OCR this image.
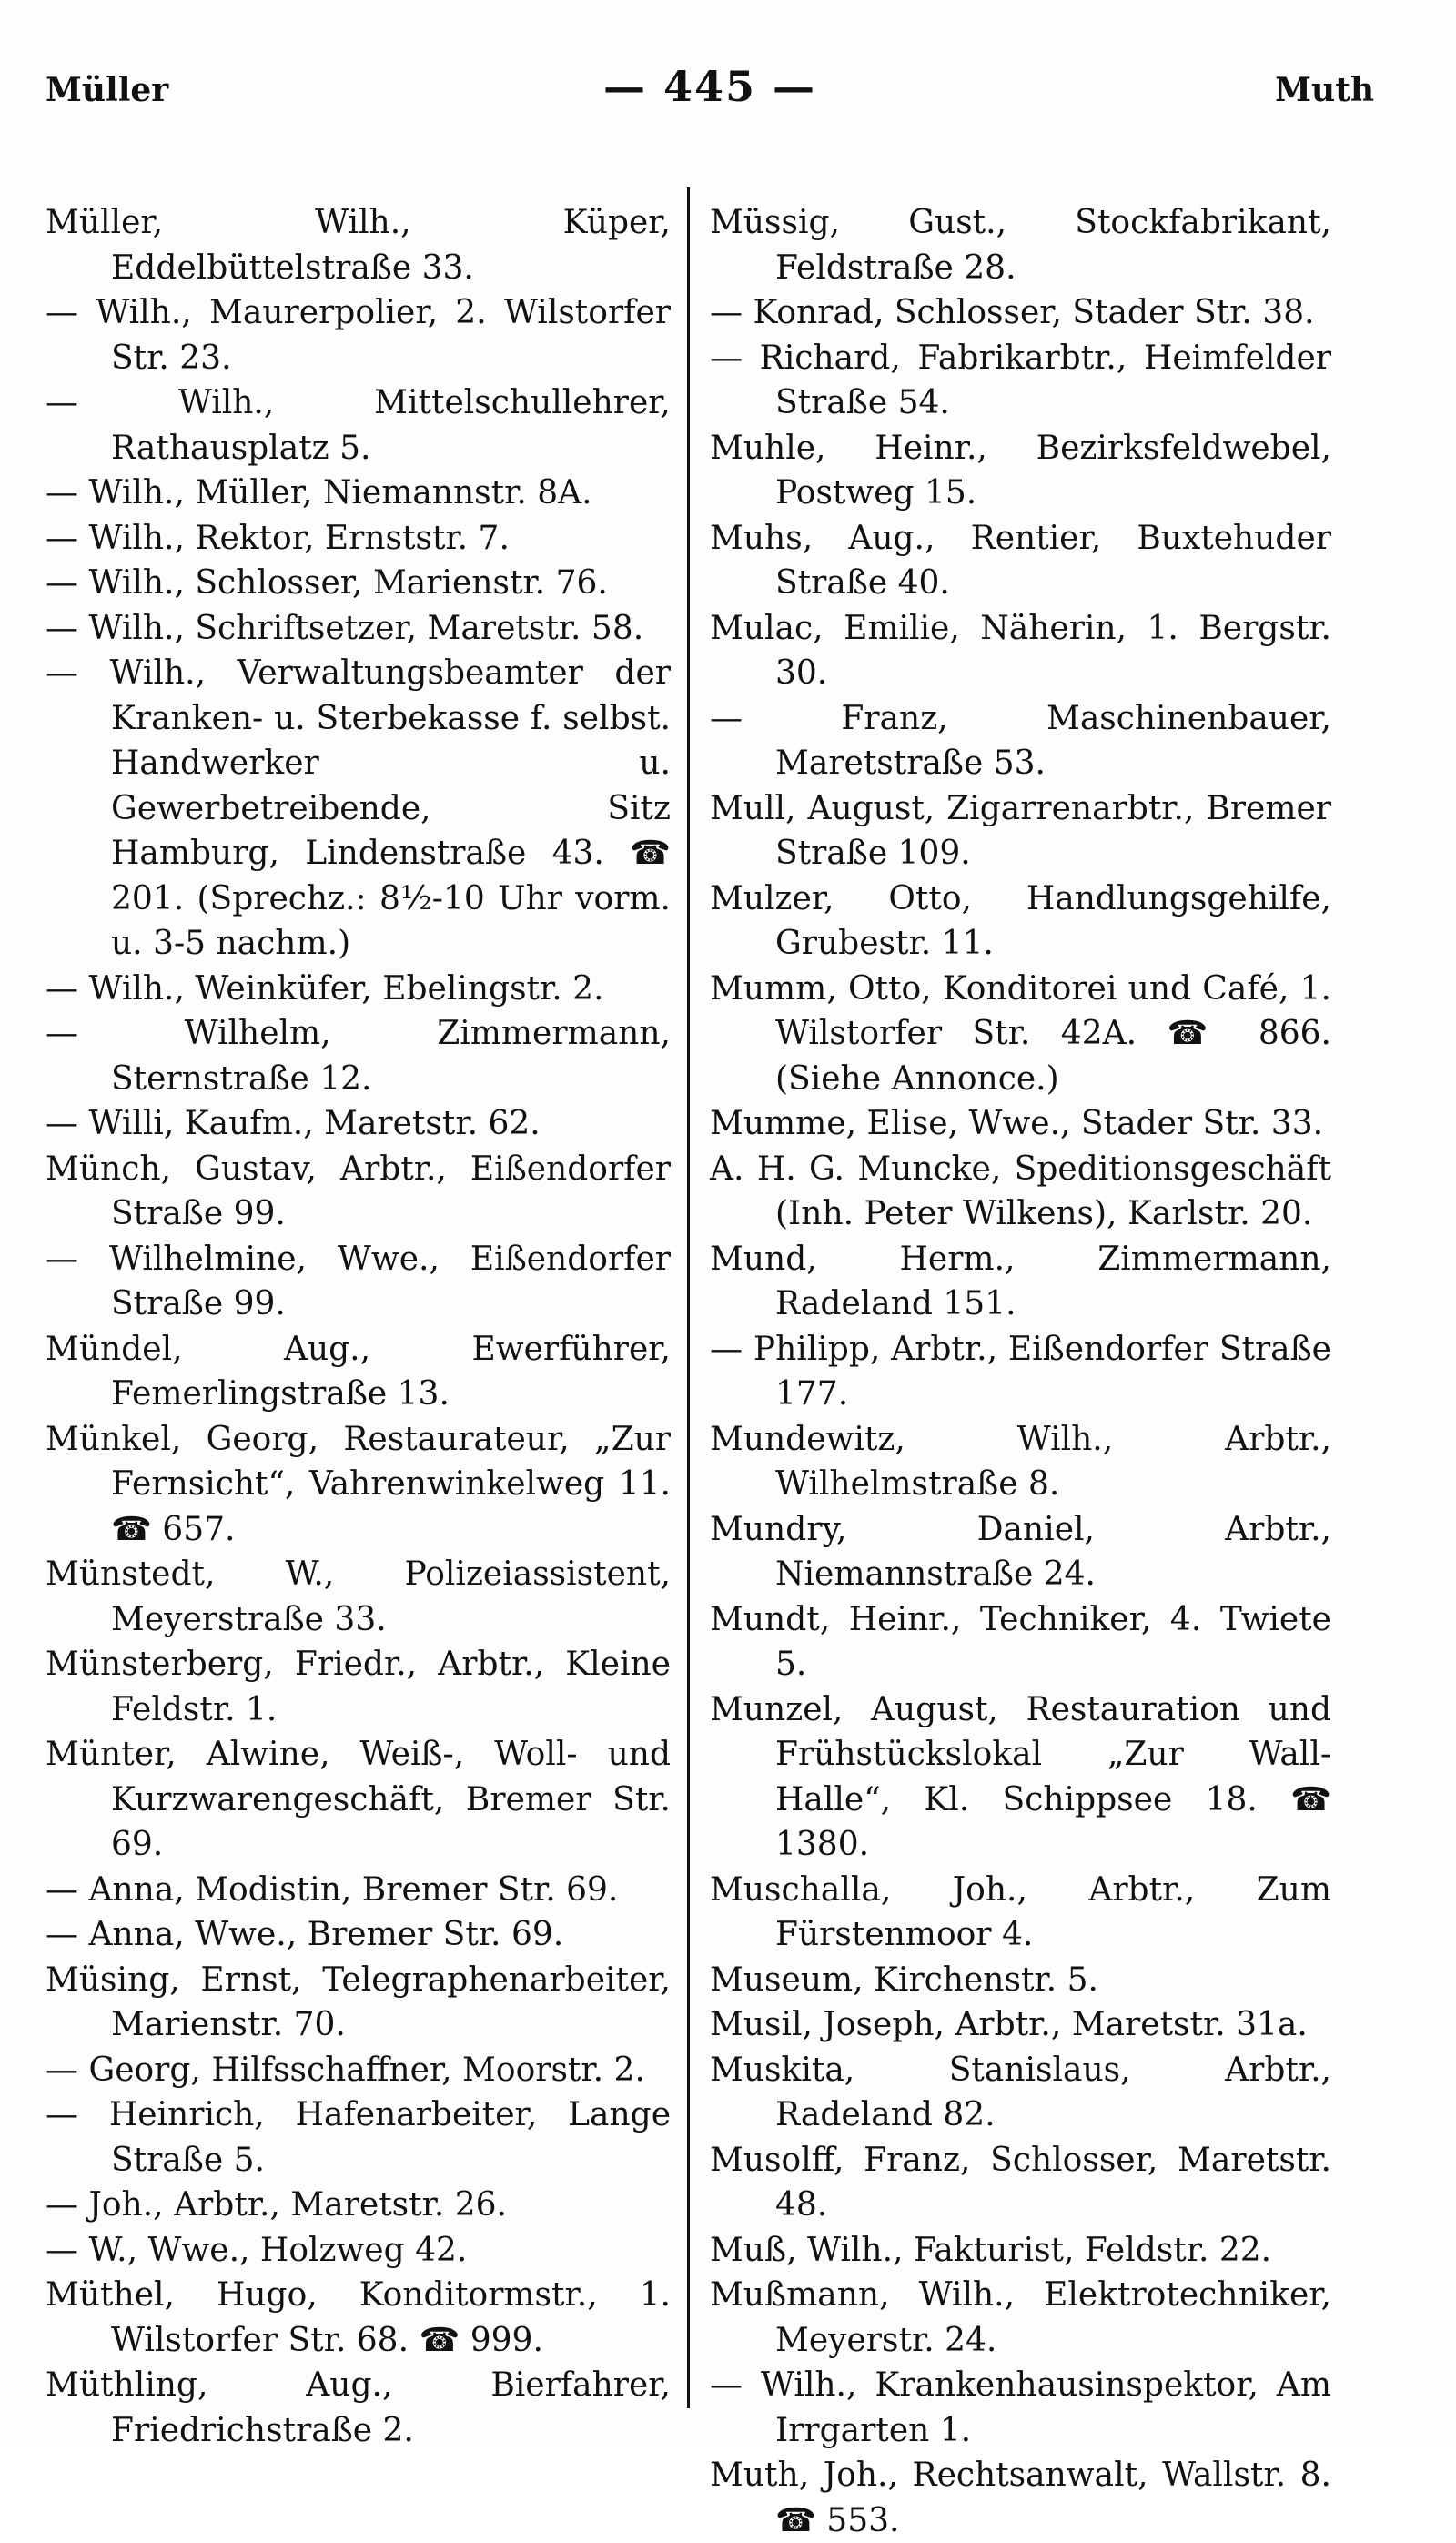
Müller	— 445 —	Muth

Müller, Wilh., Küper, Eddelbüttelstraße 33.

— Wilh., Maurerpolier, 2. Wilstorfer Str. 23.

— Wilh., Mittelschullehrer, Rathausplatz 5.

— Wilh., Müller, Niemannstr. 8A.

— Wilh., Rektor, Ernststr. 7.

— Wilh., Schlosser, Marienstr. 76.

— Wilh., Schriftsetzer, Maretstr. 58.

— Wilh., Verwaltungsbeamter der Kranken- u. Sterbekasse f. selbst. Handwerker u. Gewerbetreibende, Sitz Hamburg, Lindenstraße 43. ☎ 201. (Sprechz.: 8½-10 Uhr vorm. u. 3-5 nachm.)

— Wilh., Weinküfer, Ebelingstr. 2.

— Wilhelm, Zimmermann, Sternstraße 12.

— Willi, Kaufm., Maretstr. 62.

Münch, Gustav, Arbtr., Eißendorfer Straße 99.

— Wilhelmine, Wwe., Eißendorfer Straße 99.

Mündel, Aug., Ewerführer, Femerlingstraße 13.

Münkel, Georg, Restaurateur, „Zur Fernsicht“, Vahrenwinkelweg 11. ☎ 657.

Münstedt, W., Polizeiassistent, Meyerstraße 33.

Münsterberg, Friedr., Arbtr., Kleine Feldstr. 1.

Münter, Alwine, Weiß-, Woll- und Kurzwarengeschäft, Bremer Str. 69.

— Anna, Modistin, Bremer Str. 69.

— Anna, Wwe., Bremer Str. 69.

Müsing, Ernst, Telegraphenarbeiter, Marienstr. 70.

— Georg, Hilfsschaffner, Moorstr. 2.

— Heinrich, Hafenarbeiter, Lange Straße 5.

— Joh., Arbtr., Maretstr. 26.

— W., Wwe., Holzweg 42.

Müthel, Hugo, Konditormstr., 1. Wilstorfer Str. 68. ☎ 999.

Müthling, Aug., Bierfahrer, Friedrichstraße 2.

Müssig, Gust., Stockfabrikant, Feldstraße 28.

— Konrad, Schlosser, Stader Str. 38.

— Richard, Fabrikarbtr., Heimfelder Straße 54.

Muhle, Heinr., Bezirksfeldwebel, Postweg 15.

Muhs, Aug., Rentier, Buxtehuder Straße 40.

Mulac, Emilie, Näherin, 1. Bergstr. 30.

— Franz, Maschinenbauer, Maretstraße 53.

Mull, August, Zigarrenarbtr., Bremer Straße 109.

Mulzer, Otto, Handlungsgehilfe, Grubestr. 11.

Mumm, Otto, Konditorei und Café, 1. Wilstorfer Str. 42A. ☎ 866. (Siehe Annonce.)

Mumme, Elise, Wwe., Stader Str. 33.

A. H. G. Muncke, Speditionsgeschäft (Inh. Peter Wilkens), Karlstr. 20.

Mund, Herm., Zimmermann, Radeland 151.

— Philipp, Arbtr., Eißendorfer Straße 177.

Mundewitz, Wilh., Arbtr., Wilhelmstraße 8.

Mundry, Daniel, Arbtr., Niemannstraße 24.

Mundt, Heinr., Techniker, 4. Twiete 5.

Munzel, August, Restauration und Frühstückslokal „Zur Wall-Halle“, Kl. Schippsee 18. ☎ 1380.

Muschalla, Joh., Arbtr., Zum Fürstenmoor 4.

Museum, Kirchenstr. 5.

Musil, Joseph, Arbtr., Maretstr. 31a.

Muskita, Stanislaus, Arbtr., Radeland 82.

Musolff, Franz, Schlosser, Maretstr. 48.

Muß, Wilh., Fakturist, Feldstr. 22.

Mußmann, Wilh., Elektrotechniker, Meyerstr. 24.

— Wilh., Krankenhausinspektor, Am Irrgarten 1.

Muth, Joh., Rechtsanwalt, Wallstr. 8. ☎ 553.
